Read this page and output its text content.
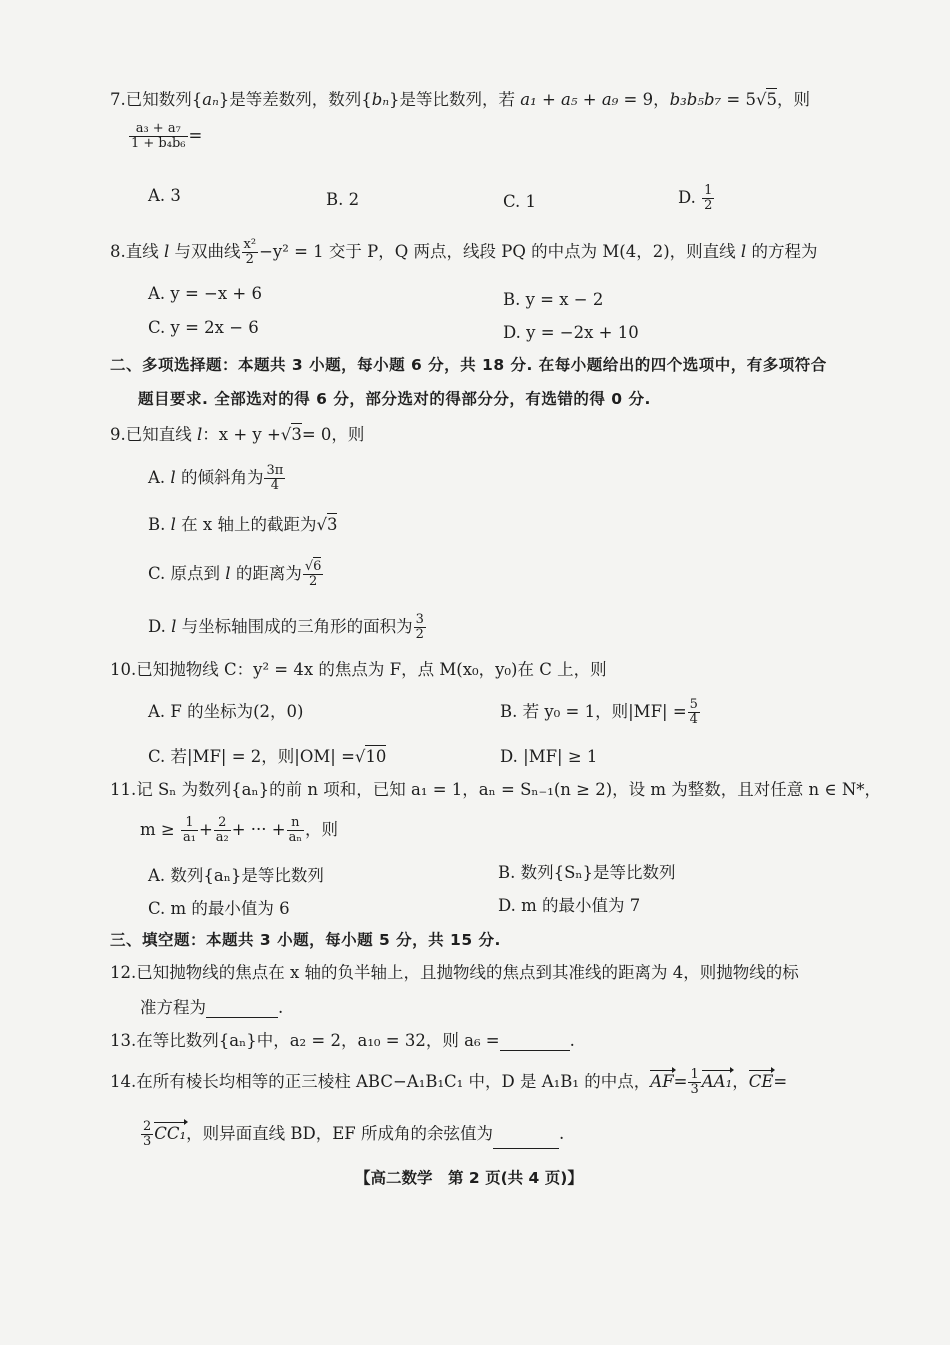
7.已知数列{aₙ}是等差数列，数列{bₙ}是等比数列，若 a₁ + a₅ + a₉ = 9，b₃b₅b₇ = 5√5，则
$\frac{\text{a₃ + a₇}}{\text{1 + b₄b₆}}$ =
A. 3	B. 2	C. 1	D. $\frac{1}{2}$
8.直线 l 与双曲线 $\frac{\text{x²}}{2} -y^2 = 1$ 交于 P，Q 两点，线段 PQ 的中点为 M(4，2)，则直线 l 的方程为
A. y = −x + 6	B. y = x − 2
C. y = 2x − 6	D. y = −2x + 10
二、多项选择题：本题共 3 小题，每小题 6 分，共 18 分. 在每小题给出的四个选项中，有多项符合
题目要求. 全部选对的得 6 分，部分选对的得部分分，有选错的得 0 分.
9.已知直线 l：x + y +√3= 0，则
A. l 的倾斜角为 $\frac{3\pi}{4}$
B. l 在 x 轴上的截距为√3
C. 原点到 l 的距离为 $\frac{√6}{2}$
D. l 与坐标轴围成的三角形的面积为 $\frac{3}{2}$
10.已知抛物线 C：y² = 4x 的焦点为 F，点 M(x₀，y₀)在 C 上，则
A. F 的坐标为(2，0)	B. 若 y₀ = 1，则$|MF| = \frac{5}{4}$
C. 若|MF| = 2，则|OM| =√10	D. |MF| ≥ 1
11.记 Sₙ 为数列{aₙ}的前 n 项和，已知 a₁ = 1，aₙ = Sₙ₋₁(n ≥ 2)，设 m 为整数，且对任意 n ∈ N*，
$m \ge \frac{1}{\text{a₁}} + \frac{2}{\text{a₂}}$ + ··· + $\frac{n}{\text{aₙ}}$ ，则
A. 数列{aₙ}是等比数列	B. 数列{Sₙ}是等比数列
C. m 的最小值为 6	D. m 的最小值为 7
三、填空题：本题共 3 小题，每小题 5 分，共 15 分.
12.已知抛物线的焦点在 x 轴的负半轴上，且抛物线的焦点到其准线的距离为 4，则抛物线的标
准方程为	.
13.在等比数列{aₙ}中，a₂ = 2，a₁₀ = 32，则 a₆ =	.
14.在所有棱长均相等的正三棱柱 ABC−A₁B₁C₁ 中，D 是 A₁B₁ 的中点，$AF= \frac{1}{3} AA_1$，CE=
$\frac{2}{3} CC_1$，则异面直线 BD，EF 所成角的余弦值为	.
【高二数学　第 2 页(共 4 页)】
